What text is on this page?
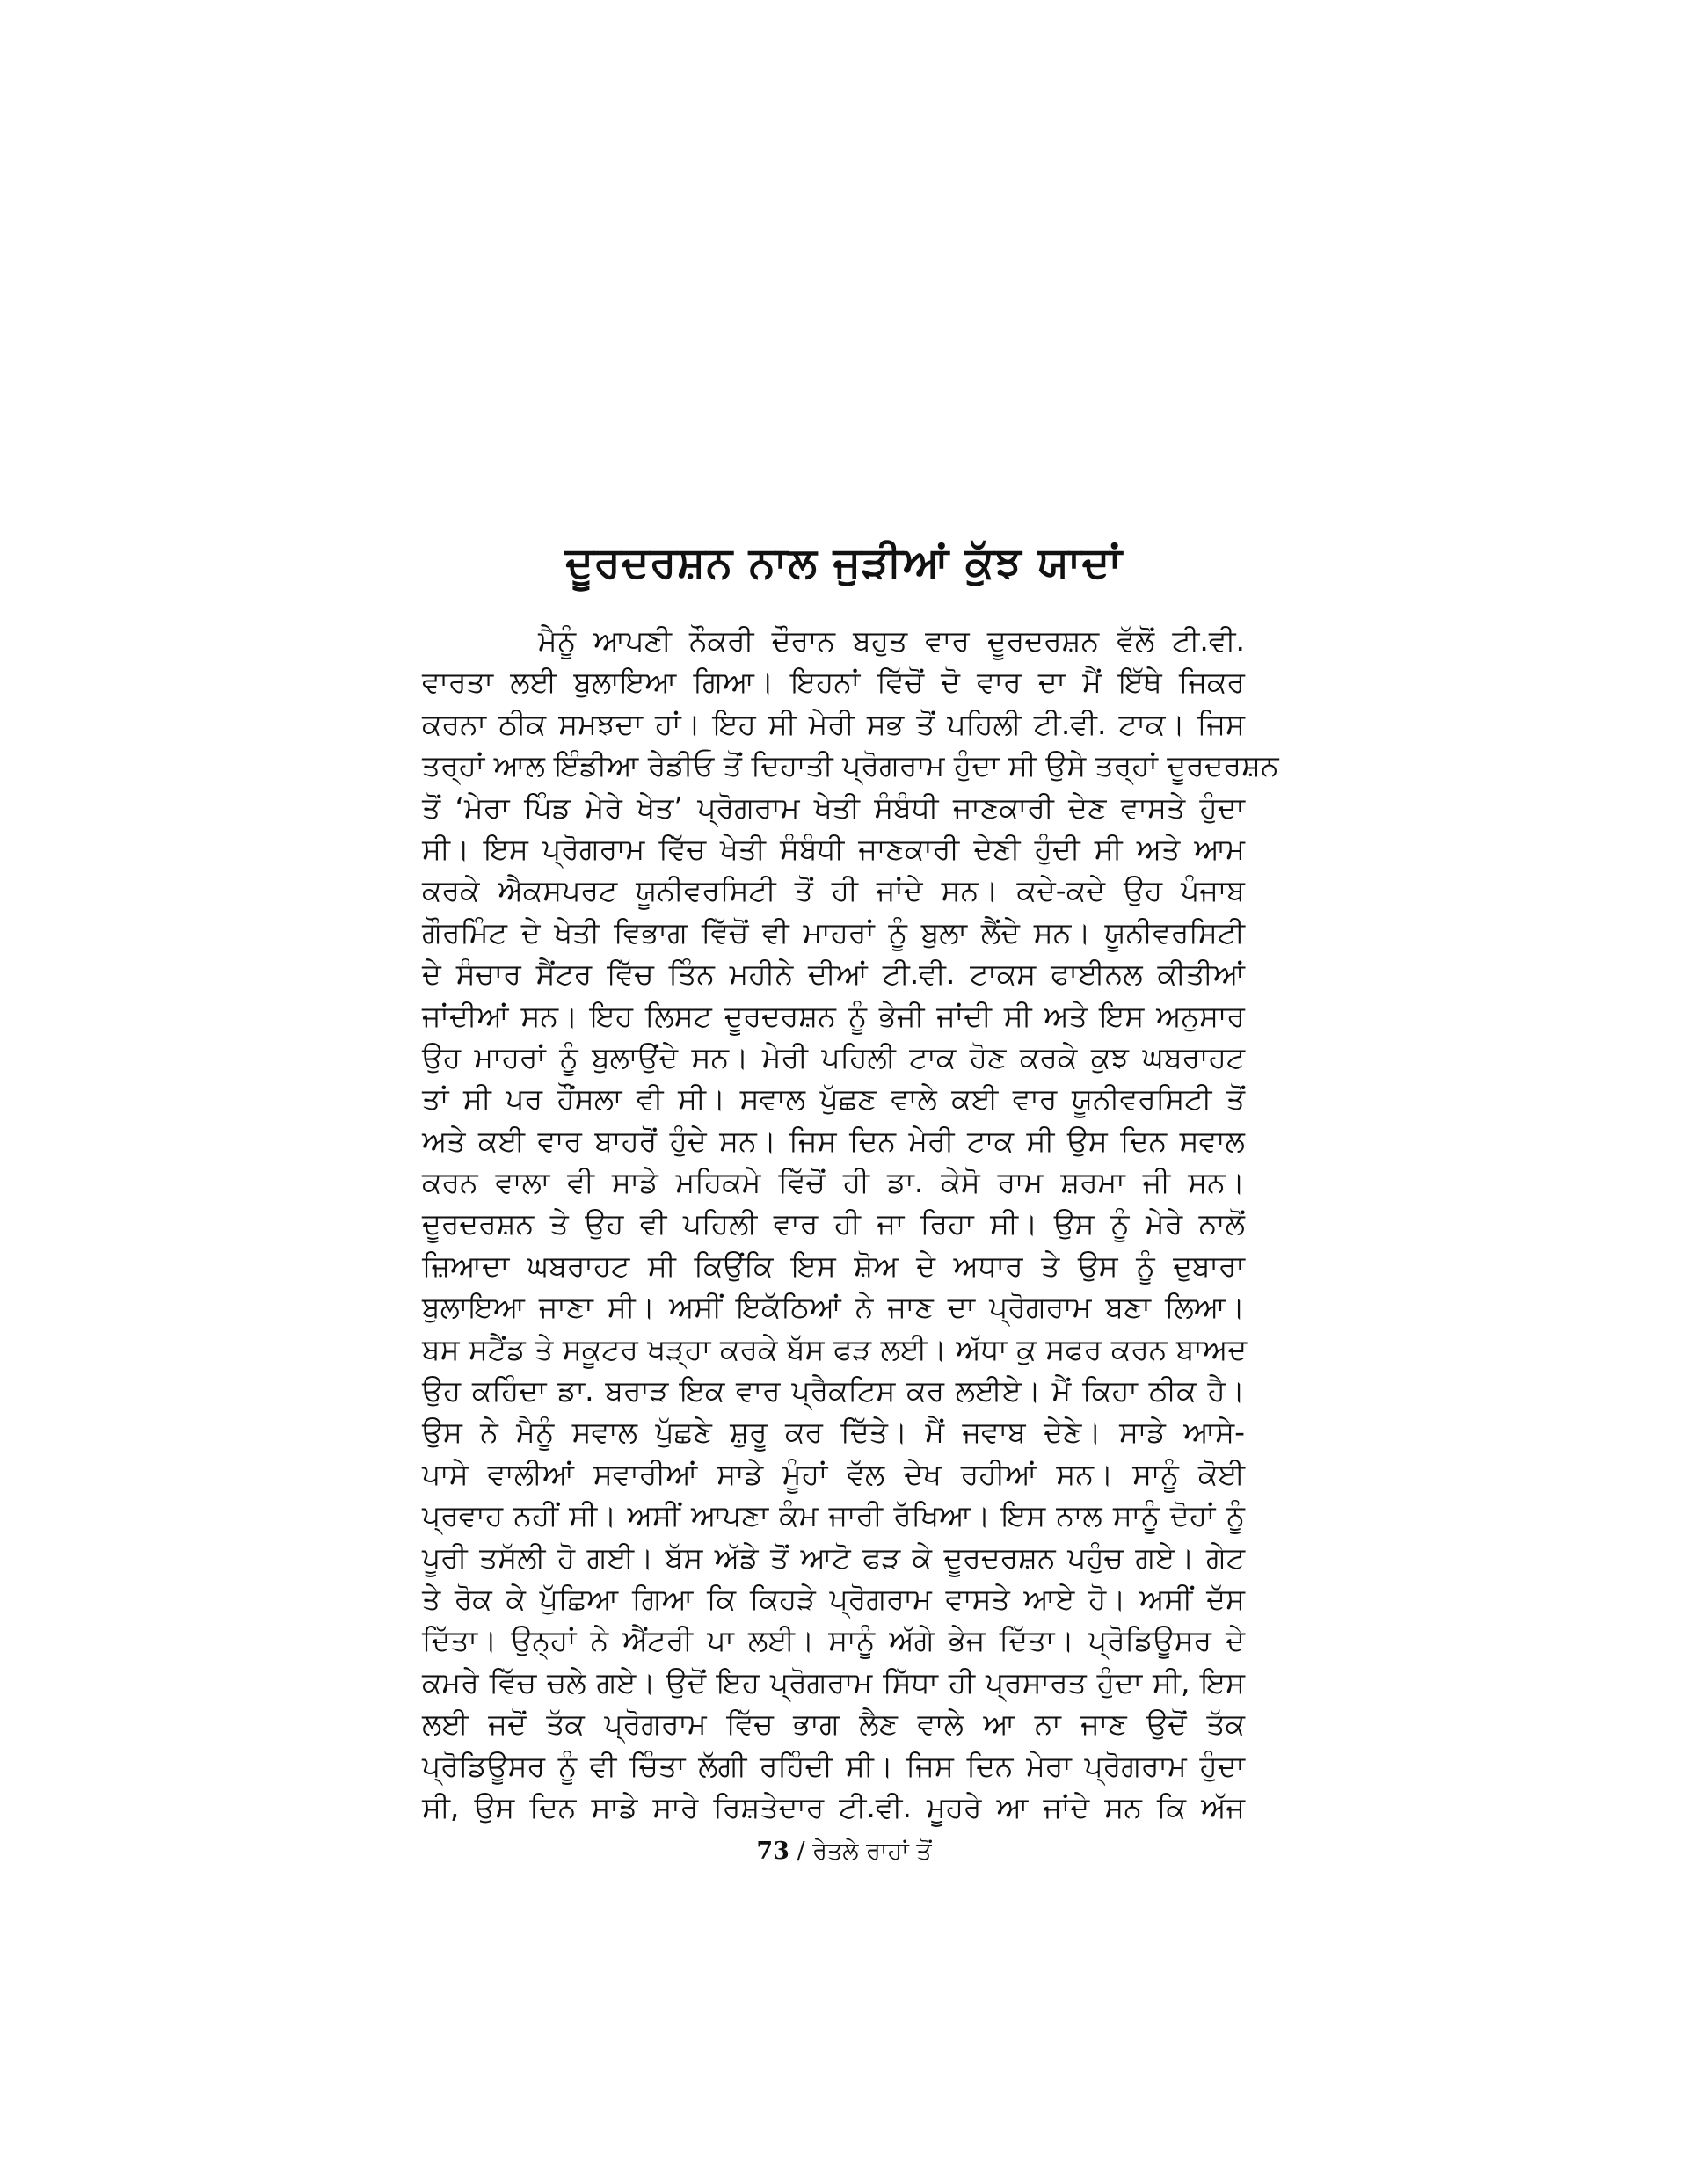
ਦੂਰਦਰਸ਼ਨ ਨਾਲ ਜੁੜੀਆਂ ਕੁੱਝ ਯਾਦਾਂ
ਮੈਨੂੰ ਆਪਣੀ ਨੌਕਰੀ ਦੌਰਾਨ ਬਹੁਤ ਵਾਰ ਦੂਰਦਰਸ਼ਨ ਵੱਲੋਂ ਟੀ.ਵੀ.
ਵਾਰਤਾ ਲਈ ਬੁਲਾਇਆ ਗਿਆ। ਇਹਨਾਂ ਵਿੱਚੋਂ ਦੋ ਵਾਰ ਦਾ ਮੈਂ ਇੱਥੇ ਜਿਕਰ
ਕਰਨਾ ਠੀਕ ਸਮਝਦਾ ਹਾਂ। ਇਹ ਸੀ ਮੇਰੀ ਸਭ ਤੋਂ ਪਹਿਲੀ ਟੀ.ਵੀ. ਟਾਕ। ਜਿਸ
ਤਰ੍ਹਾਂ ਆਲ ਇੰਡੀਆ ਰੇਡੀਓ ਤੋਂ ਦਿਹਾਤੀ ਪ੍ਰੋਗਰਾਮ ਹੁੰਦਾ ਸੀ ਉਸੇ ਤਰ੍ਹਾਂ ਦੂਰਦਰਸ਼ਨ
ਤੋਂ ‘ਮੇਰਾ ਪਿੰਡ ਮੇਰੇ ਖੇਤ’ ਪ੍ਰੋਗਰਾਮ ਖੇਤੀ ਸੰਬੰਧੀ ਜਾਣਕਾਰੀ ਦੇਣ ਵਾਸਤੇ ਹੁੰਦਾ
ਸੀ। ਇਸ ਪ੍ਰੋਗਰਾਮ ਵਿੱਚ ਖੇਤੀ ਸੰਬੰਧੀ ਜਾਣਕਾਰੀ ਦੇਣੀ ਹੁੰਦੀ ਸੀ ਅਤੇ ਆਮ
ਕਰਕੇ ਐਕਸਪਰਟ ਯੂਨੀਵਰਸਿਟੀ ਤੋਂ ਹੀ ਜਾਂਦੇ ਸਨ। ਕਦੇ-ਕਦੇ ਉਹ ਪੰਜਾਬ
ਗੌਰਮਿੰਟ ਦੇ ਖੇਤੀ ਵਿਭਾਗ ਵਿੱਚੋਂ ਵੀ ਮਾਹਰਾਂ ਨੂੰ ਬੁਲਾ ਲੈਂਦੇ ਸਨ। ਯੂਨੀਵਰਸਿਟੀ
ਦੇ ਸੰਚਾਰ ਸੈਂਟਰ ਵਿੱਚ ਤਿੰਨ ਮਹੀਨੇ ਦੀਆਂ ਟੀ.ਵੀ. ਟਾਕਸ ਫਾਈਨਲ ਕੀਤੀਆਂ
ਜਾਂਦੀਆਂ ਸਨ। ਇਹ ਲਿਸਟ ਦੂਰਦਰਸ਼ਨ ਨੂੰ ਭੇਜੀ ਜਾਂਦੀ ਸੀ ਅਤੇ ਇਸ ਅਨੁਸਾਰ
ਉਹ ਮਾਹਰਾਂ ਨੂੰ ਬੁਲਾਉਂਦੇ ਸਨ। ਮੇਰੀ ਪਹਿਲੀ ਟਾਕ ਹੋਣ ਕਰਕੇ ਕੁਝ ਘਬਰਾਹਟ
ਤਾਂ ਸੀ ਪਰ ਹੌਂਸਲਾ ਵੀ ਸੀ। ਸਵਾਲ ਪੁੱਛਣ ਵਾਲੇ ਕਈ ਵਾਰ ਯੂਨੀਵਰਸਿਟੀ ਤੋਂ
ਅਤੇ ਕਈ ਵਾਰ ਬਾਹਰੋਂ ਹੁੰਦੇ ਸਨ। ਜਿਸ ਦਿਨ ਮੇਰੀ ਟਾਕ ਸੀ ਉਸ ਦਿਨ ਸਵਾਲ
ਕਰਨ ਵਾਲਾ ਵੀ ਸਾਡੇ ਮਹਿਕਮੇ ਵਿੱਚੋਂ ਹੀ ਡਾ. ਕੇਸੋ ਰਾਮ ਸ਼ਰਮਾ ਜੀ ਸਨ।
ਦੂਰਦਰਸ਼ਨ ਤੇ ਉਹ ਵੀ ਪਹਿਲੀ ਵਾਰ ਹੀ ਜਾ ਰਿਹਾ ਸੀ। ਉਸ ਨੂੰ ਮੇਰੇ ਨਾਲੋਂ
ਜ਼ਿਆਦਾ ਘਬਰਾਹਟ ਸੀ ਕਿਉਂਕਿ ਇਸ ਸ਼ੋਅ ਦੇ ਅਧਾਰ ਤੇ ਉਸ ਨੂੰ ਦੁਬਾਰਾ
ਬੁਲਾਇਆ ਜਾਣਾ ਸੀ। ਅਸੀਂ ਇਕੱਠਿਆਂ ਨੇ ਜਾਣ ਦਾ ਪ੍ਰੋਗਰਾਮ ਬਣਾ ਲਿਆ।
ਬਸ ਸਟੈਂਡ ਤੇ ਸਕੂਟਰ ਖੜ੍ਹਾ ਕਰਕੇ ਬੱਸ ਫੜ ਲਈ। ਅੱਧਾ ਕੁ ਸਫਰ ਕਰਨ ਬਾਅਦ
ਉਹ ਕਹਿੰਦਾ ਡਾ. ਬਰਾੜ ਇਕ ਵਾਰ ਪ੍ਰੈਕਟਿਸ ਕਰ ਲਈਏ। ਮੈਂ ਕਿਹਾ ਠੀਕ ਹੈ।
ਉਸ ਨੇ ਮੈਨੂੰ ਸਵਾਲ ਪੁੱਛਣੇ ਸ਼ੁਰੂ ਕਰ ਦਿੱਤੇ। ਮੈਂ ਜਵਾਬ ਦੇਣੇ। ਸਾਡੇ ਆਸੇ-
ਪਾਸੇ ਵਾਲੀਆਂ ਸਵਾਰੀਆਂ ਸਾਡੇ ਮੂੰਹਾਂ ਵੱਲ ਦੇਖ ਰਹੀਆਂ ਸਨ। ਸਾਨੂੰ ਕੋਈ
ਪ੍ਰਵਾਹ ਨਹੀਂ ਸੀ। ਅਸੀਂ ਆਪਣਾ ਕੰਮ ਜਾਰੀ ਰੱਖਿਆ। ਇਸ ਨਾਲ ਸਾਨੂੰ ਦੋਹਾਂ ਨੂੰ
ਪੂਰੀ ਤਸੱਲੀ ਹੋ ਗਈ। ਬੱਸ ਅੱਡੇ ਤੋਂ ਆਟੋ ਫੜ ਕੇ ਦੂਰਦਰਸ਼ਨ ਪਹੁੰਚ ਗਏ। ਗੇਟ
ਤੇ ਰੋਕ ਕੇ ਪੁੱਛਿਆ ਗਿਆ ਕਿ ਕਿਹੜੇ ਪ੍ਰੋਗਰਾਮ ਵਾਸਤੇ ਆਏ ਹੋ। ਅਸੀਂ ਦੱਸ
ਦਿੱਤਾ। ਉਨ੍ਹਾਂ ਨੇ ਐਂਟਰੀ ਪਾ ਲਈ। ਸਾਨੂੰ ਅੱਗੇ ਭੇਜ ਦਿੱਤਾ। ਪ੍ਰੋਡਿਊਸਰ ਦੇ
ਕਮਰੇ ਵਿੱਚ ਚਲੇ ਗਏ। ਉਦੋਂ ਇਹ ਪ੍ਰੋਗਰਾਮ ਸਿੱਧਾ ਹੀ ਪ੍ਰਸਾਰਤ ਹੁੰਦਾ ਸੀ, ਇਸ
ਲਈ ਜਦੋਂ ਤੱਕ ਪ੍ਰੋਗਰਾਮ ਵਿੱਚ ਭਾਗ ਲੈਣ ਵਾਲੇ ਆ ਨਾ ਜਾਣ ਉਦੋਂ ਤੱਕ
ਪ੍ਰੋਡਿਊਸਰ ਨੂੰ ਵੀ ਚਿੰਤਾ ਲੱਗੀ ਰਹਿੰਦੀ ਸੀ। ਜਿਸ ਦਿਨ ਮੇਰਾ ਪ੍ਰੋਗਰਾਮ ਹੁੰਦਾ
ਸੀ, ਉਸ ਦਿਨ ਸਾਡੇ ਸਾਰੇ ਰਿਸ਼ਤੇਦਾਰ ਟੀ.ਵੀ. ਮੂਹਰੇ ਆ ਜਾਂਦੇ ਸਨ ਕਿ ਅੱਜ
73 / ਰੇਤਲੇ ਰਾਹਾਂ ਤੋਂ
